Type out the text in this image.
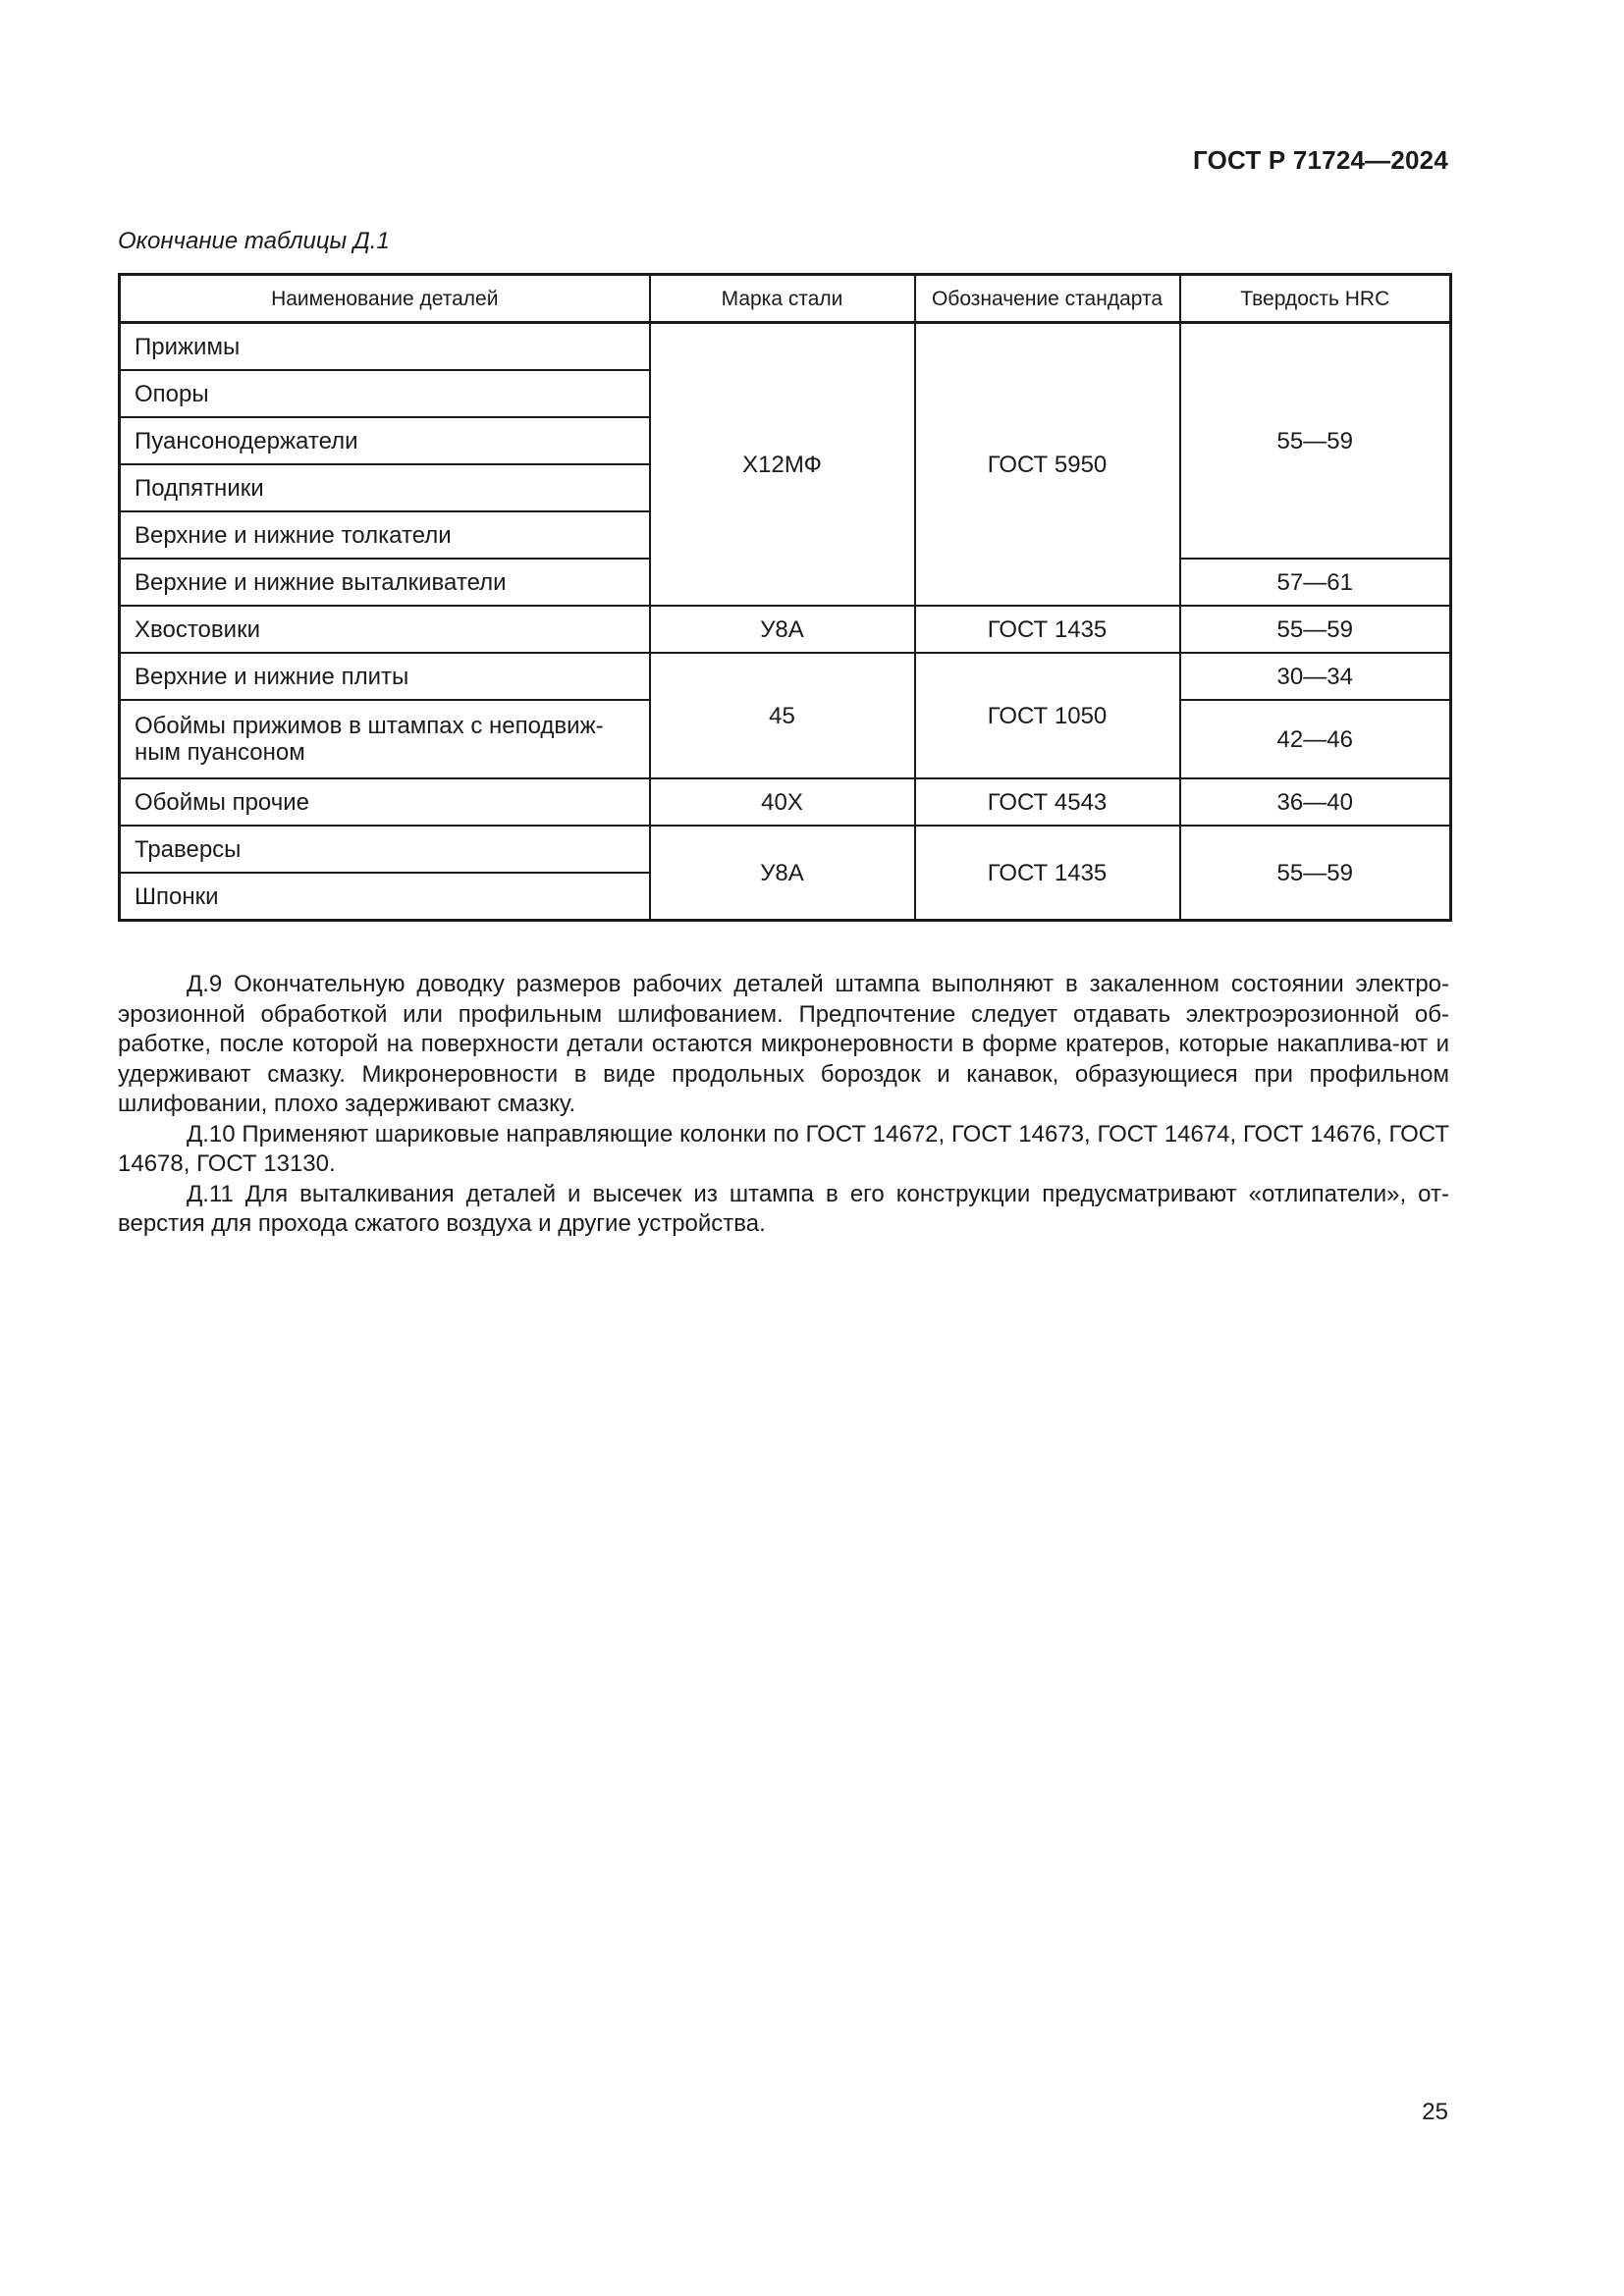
ГОСТ Р 71724—2024
Окончание таблицы Д.1
Наименование деталей	Марка стали	Обозначение стандарта	Твердость HRC
Прижимы	Х12МФ	ГОСТ 5950	55—59
Опоры			
Пуансонодержатели			
Подпятники			
Верхние и нижние толкатели			
Верхние и нижние выталкиватели			57—61
Хвостовики	У8А	ГОСТ 1435	55—59
Верхние и нижние плиты	45	ГОСТ 1050	30—34
Обоймы прижимов в штампах с неподвиж-ным пуансоном			42—46
Обоймы прочие	40Х	ГОСТ 4543	36—40
Траверсы	У8А	ГОСТ 1435	55—59
Шпонки			

Д.9 Окончательную доводку размеров рабочих деталей штампа выполняют в закаленном состоянии электро-эрозионной обработкой или профильным шлифованием. Предпочтение следует отдавать электроэрозионной об-работке, после которой на поверхности детали остаются микронеровности в форме кратеров, которые накаплива-ют и удерживают смазку. Микронеровности в виде продольных бороздок и канавок, образующиеся при профильном шлифовании, плохо задерживают смазку.

Д.10 Применяют шариковые направляющие колонки по ГОСТ 14672, ГОСТ 14673, ГОСТ 14674, ГОСТ 14676, ГОСТ 14678, ГОСТ 13130.

Д.11 Для выталкивания деталей и высечек из штампа в его конструкции предусматривают «отлипатели», от-верстия для прохода сжатого воздуха и другие устройства.

25
